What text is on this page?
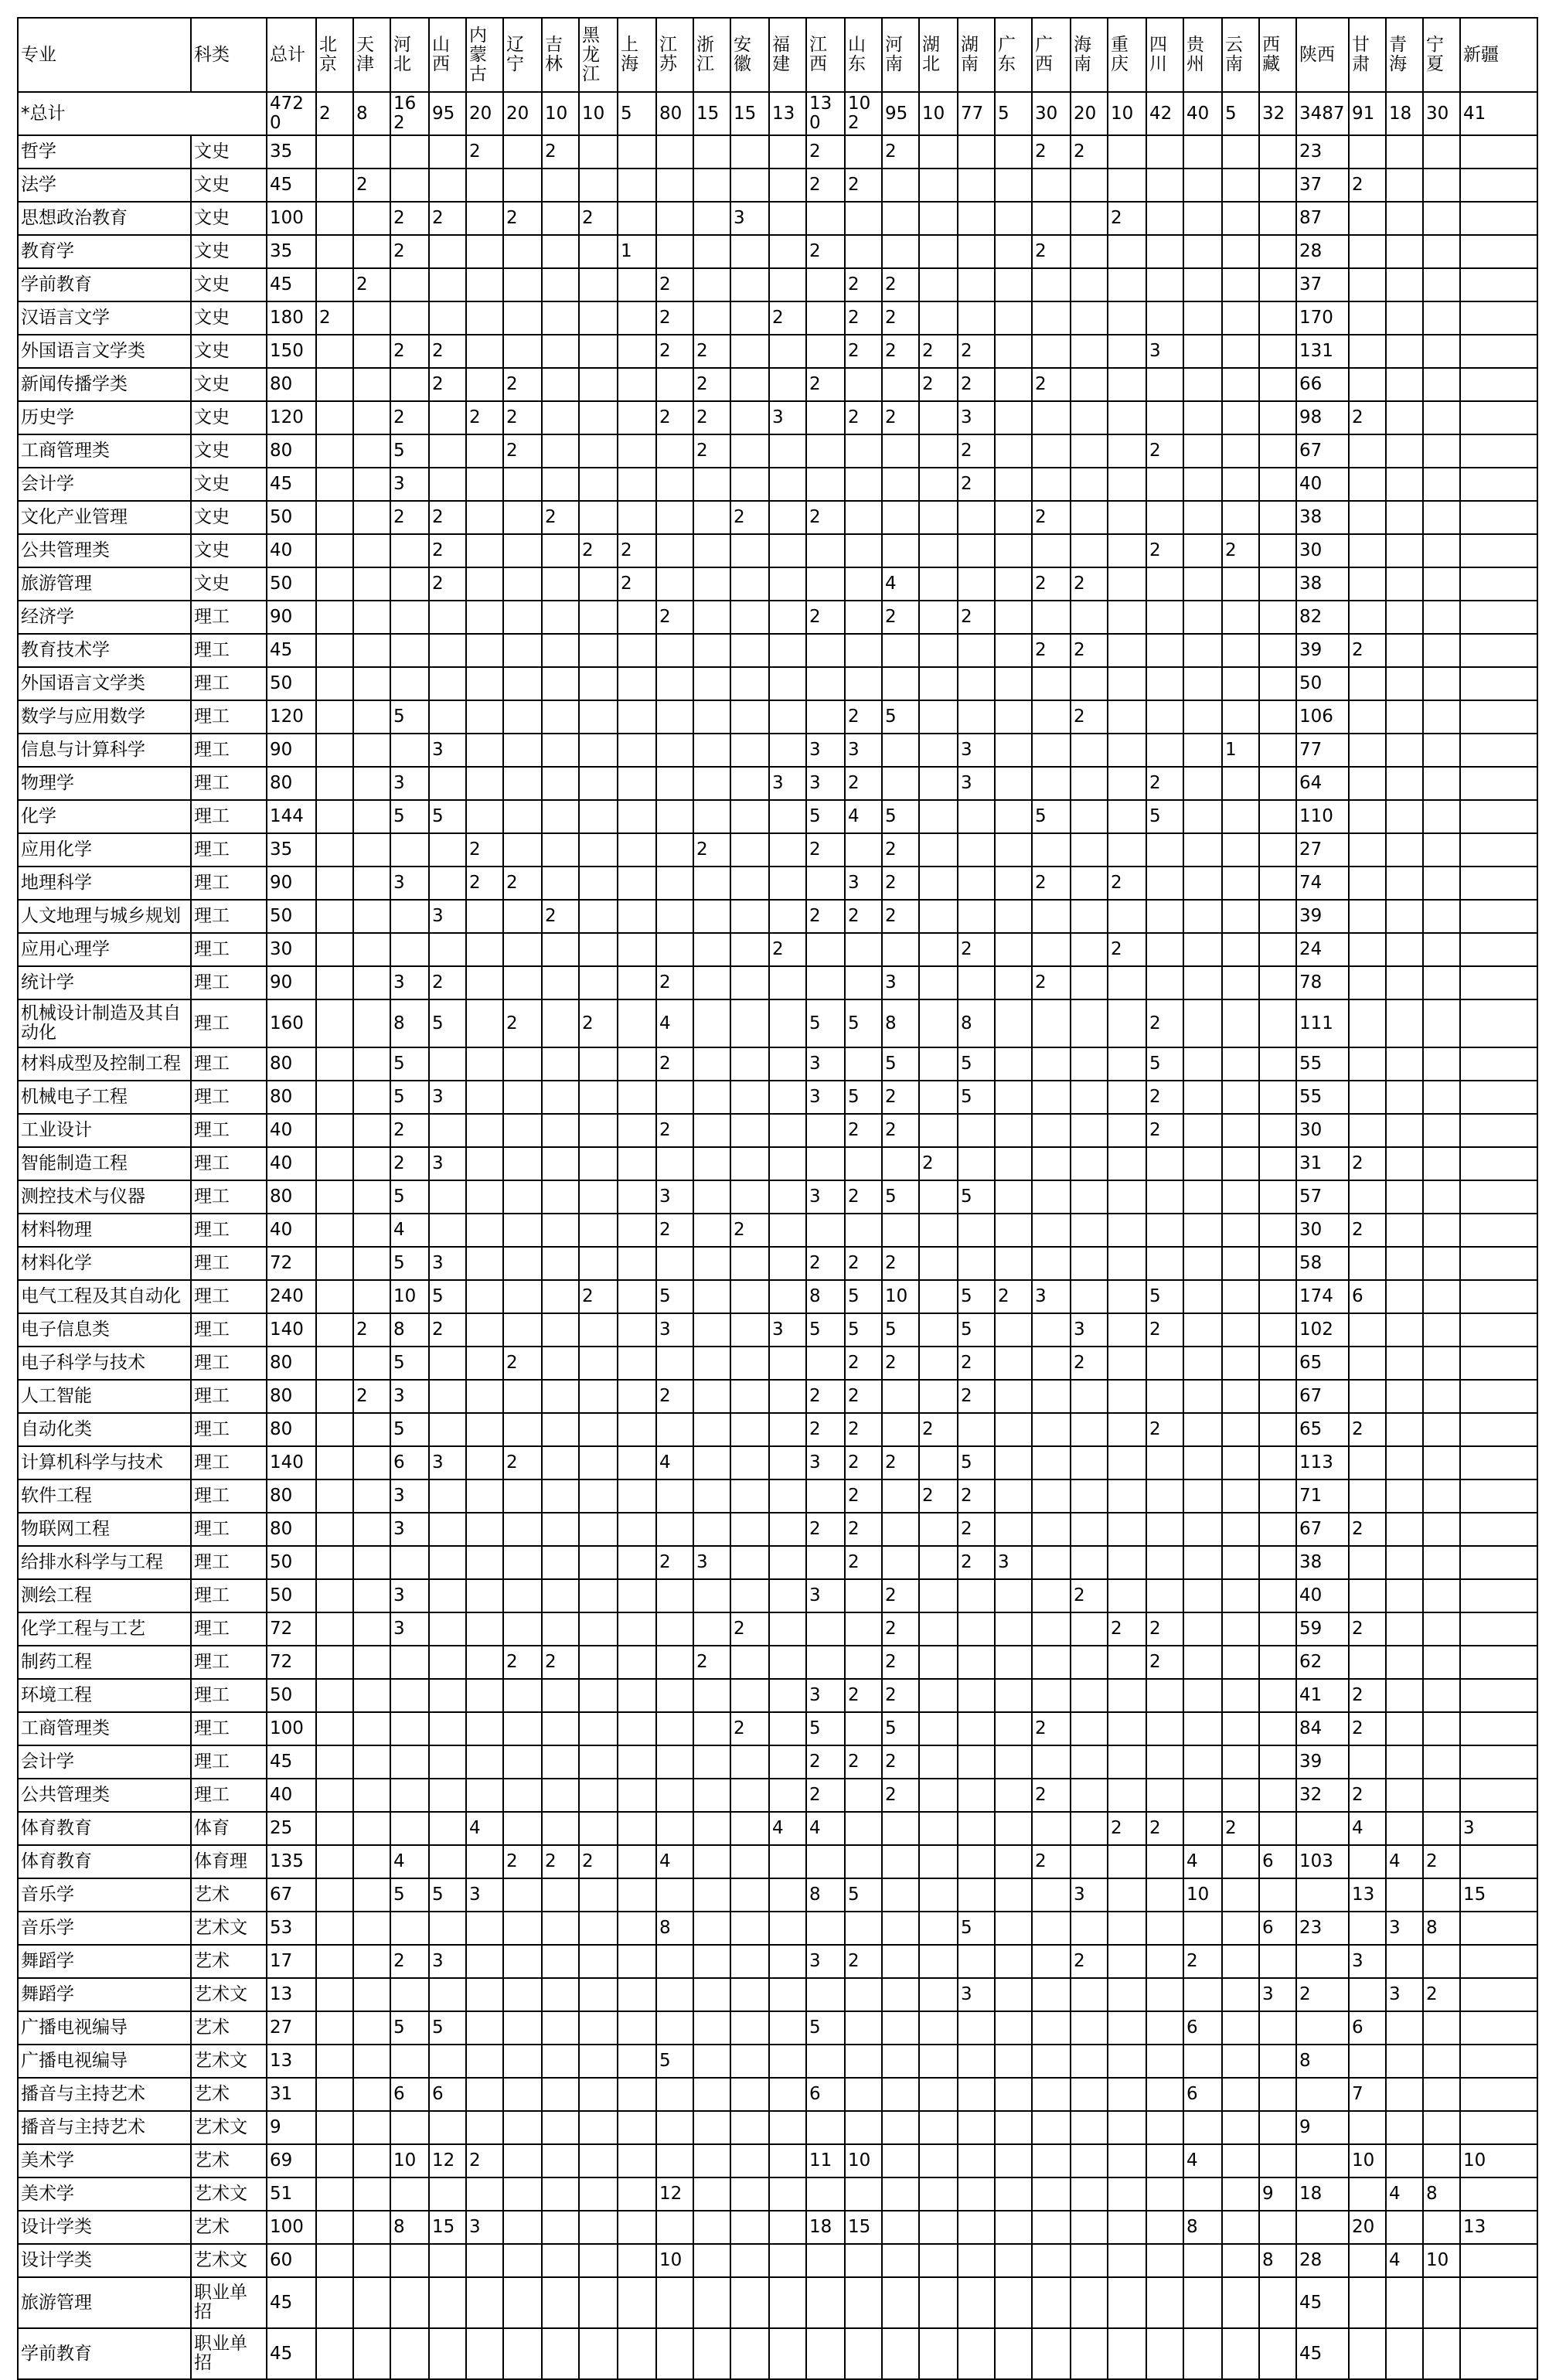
专业	科类	总计	北京	天津	河北	山西	内蒙古	辽宁	吉林	黑龙江	上海	江苏	浙江	安徽	福建	江西	山东	河南	湖北	湖南	广东	广西	海南	重庆	四川	贵州	云南	西藏	陕西	甘肃	青海	宁夏	新疆
*总计		4720	2	8	162	95	20	20	10	10	5	80	15	15	13	130	102	95	10	77	5	30	20	10	42	40	5	32	3487	91	18	30	41
哲学	文史	35					2		2							2		2				2	2						23				
法学	文史	45		2												2	2												37	2			
思想政治教育	文史	100			2	2		2		2				3										2					87				
教育学	文史	35			2						1					2						2							28				
学前教育	文史	45		2								2					2	2											37				
汉语言文学	文史	180	2									2			2		2	2											170				
外国语言文学类	文史	150			2	2						2	2				2	2	2	2					3				131				
新闻传播学类	文史	80				2		2					2			2			2	2		2							66				
历史学	文史	120			2		2	2				2	2		3		2	2		3									98	2			
工商管理类	文史	80			5			2					2							2					2				67				
会计学	文史	45			3															2									40				
文化产业管理	文史	50			2	2			2					2		2						2							38				
公共管理类	文史	40				2				2	2														2		2		30				
旅游管理	文史	50				2					2							4				2	2						38				
经济学	理工	90										2				2		2		2									82				
教育技术学	理工	45																				2	2						39	2			
外国语言文学类	理工	50																											50				
数学与应用数学	理工	120			5												2	5					2						106				
信息与计算科学	理工	90				3										3	3			3							1		77				
物理学	理工	80			3										3	3	2			3					2				64				
化学	理工	144			5	5										5	4	5				5			5				110				
应用化学	理工	35					2						2			2		2											27				
地理科学	理工	90			3		2	2									3	2				2		2					74				
人文地理与城乡规划	理工	50				3			2							2	2	2											39				
应用心理学	理工	30													2					2				2					24				
统计学	理工	90			3	2						2						3				2							78				
机械设计制造及其自动化	理工	160			8	5		2		2		4				5	5	8		8					2				111				
材料成型及控制工程	理工	80			5							2				3		5		5					5				55				
机械电子工程	理工	80			5	3										3	5	2		5					2				55				
工业设计	理工	40			2							2					2	2							2				30				
智能制造工程	理工	40			2	3													2										31	2			
测控技术与仪器	理工	80			5							3				3	2	5		5									57				
材料物理	理工	40			4							2		2															30	2			
材料化学	理工	72			5	3										2	2	2											58				
电气工程及其自动化	理工	240			10	5				2		5				8	5	10		5	2	3			5				174	6			
电子信息类	理工	140		2	8	2						3			3	5	5	5		5			3		2				102				
电子科学与技术	理工	80			5			2									2	2		2			2						65				
人工智能	理工	80		2	3							2				2	2			2									67				
自动化类	理工	80			5											2	2		2						2				65	2			
计算机科学与技术	理工	140			6	3		2				4				3	2	2		5									113				
软件工程	理工	80			3												2		2	2									71				
物联网工程	理工	80			3											2	2			2									67	2			
给排水科学与工程	理工	50										2	3				2			2	3								38				
测绘工程	理工	50			3											3		2					2						40				
化学工程与工艺	理工	72			3									2				2						2	2				59	2			
制药工程	理工	72						2	2				2					2							2				62				
环境工程	理工	50														3	2	2											41	2			
工商管理类	理工	100												2		5		5				2							84	2			
会计学	理工	45														2	2	2											39				
公共管理类	理工	40														2		2				2							32	2			
体育教育	体育	25					4								4	4								2	2		2			4			3
体育教育	体育理	135			4			2	2	2		4										2				4		6	103		4	2	
音乐学	艺术	67			5	5	3									8	5						3			10				13			15
音乐学	艺术文	53										8								5								6	23		3	8	
舞蹈学	艺术	17			2	3										3	2						2			2				3			
舞蹈学	艺术文	13																		3								3	2		3	2	
广播电视编导	艺术	27			5	5										5										6				6			
广播电视编导	艺术文	13										5																	8				
播音与主持艺术	艺术	31			6	6										6										6				7			
播音与主持艺术	艺术文	9																											9				
美术学	艺术	69			10	12	2									11	10									4				10			10
美术学	艺术文	51										12																9	18		4	8	
设计学类	艺术	100			8	15	3									18	15									8				20			13
设计学类	艺术文	60										10																8	28		4	10	
旅游管理	职业单招	45																											45				
学前教育	职业单招	45																											45				
